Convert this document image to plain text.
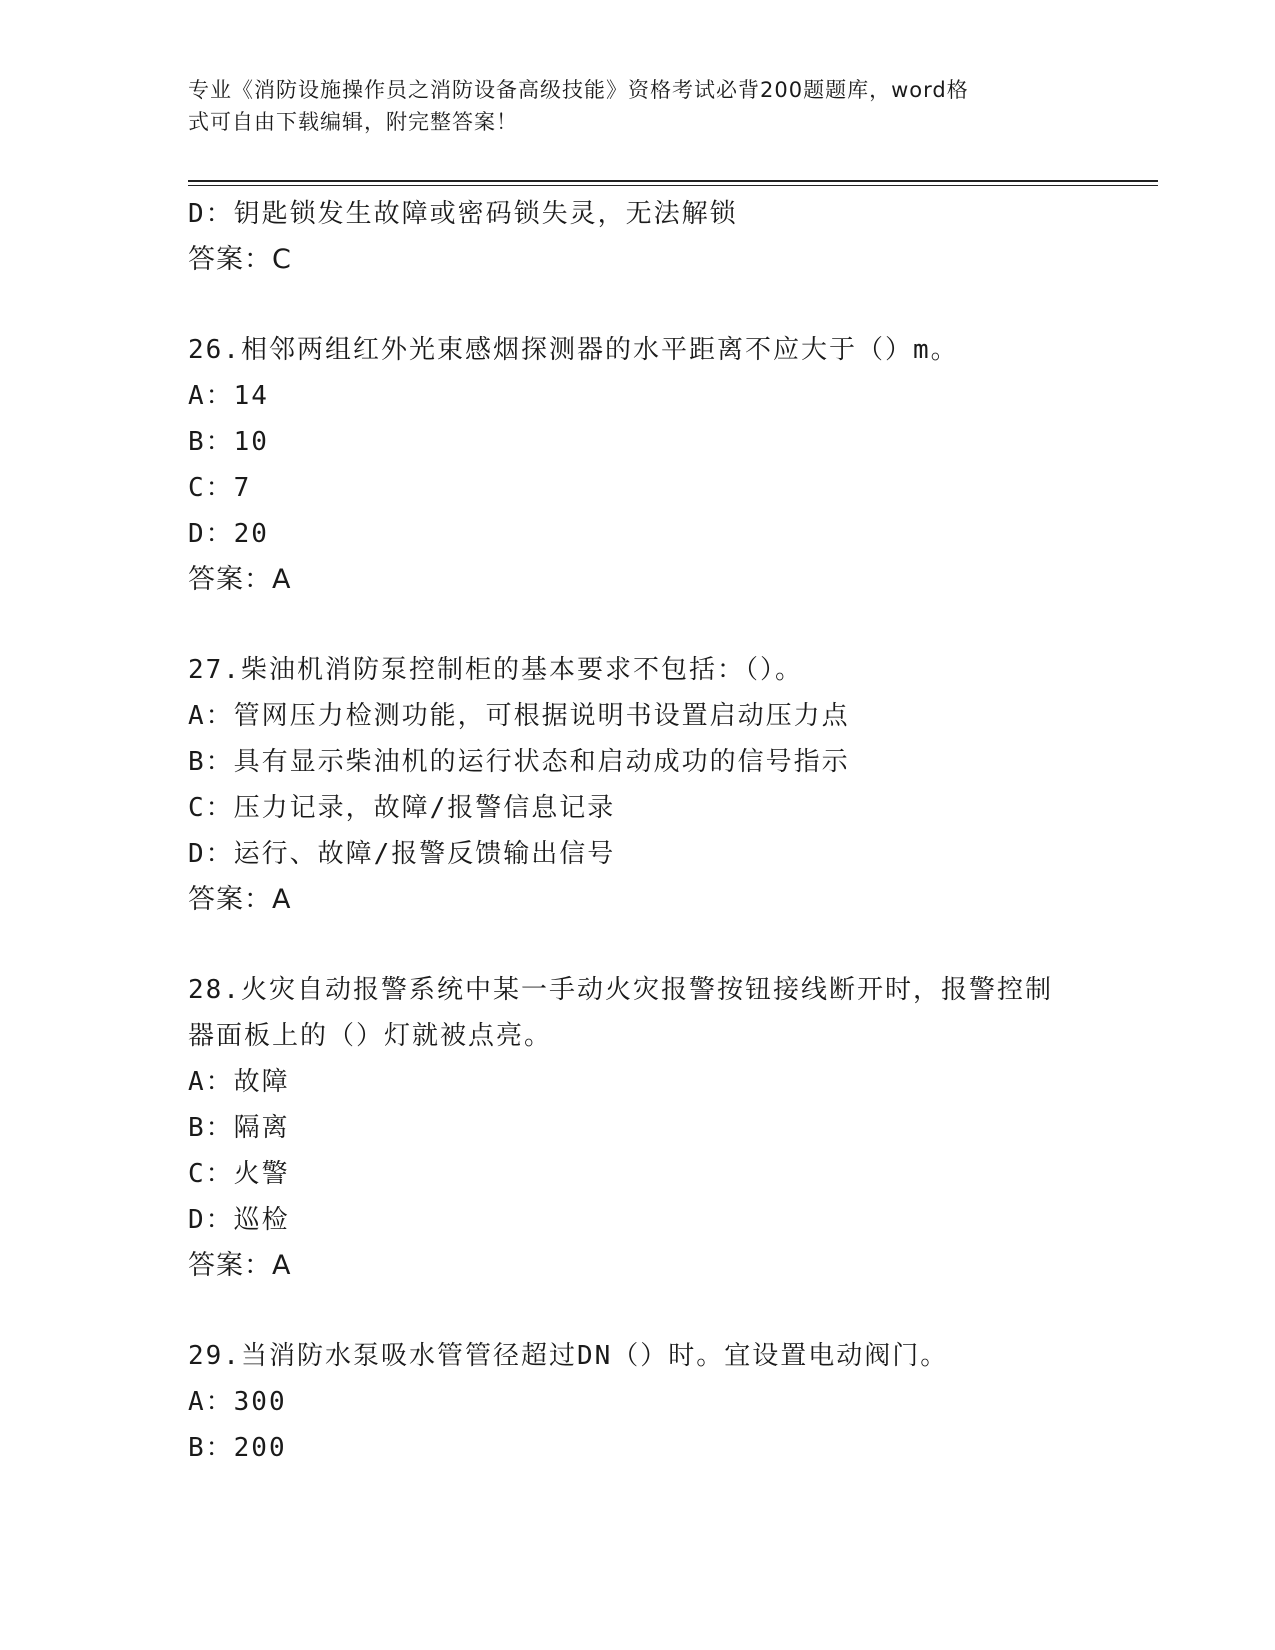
专业《消防设施操作员之消防设备高级技能》资格考试必背200题题库，word格
式可自由下载编辑，附完整答案！
D：钥匙锁发生故障或密码锁失灵，无法解锁
答案：C
26.相邻两组红外光束感烟探测器的水平距离不应大于（）m。
A：14
B：10
C：7
D：20
答案：A
27.柴油机消防泵控制柜的基本要求不包括：（）。
A：管网压力检测功能，可根据说明书设置启动压力点
B：具有显示柴油机的运行状态和启动成功的信号指示
C：压力记录，故障/报警信息记录
D：运行、故障/报警反馈输出信号
答案：A
28.火灾自动报警系统中某一手动火灾报警按钮接线断开时，报警控制
器面板上的（）灯就被点亮。
A：故障
B：隔离
C：火警
D：巡检
答案：A
29.当消防水泵吸水管管径超过DN（）时。宜设置电动阀门。
A：300
B：200
